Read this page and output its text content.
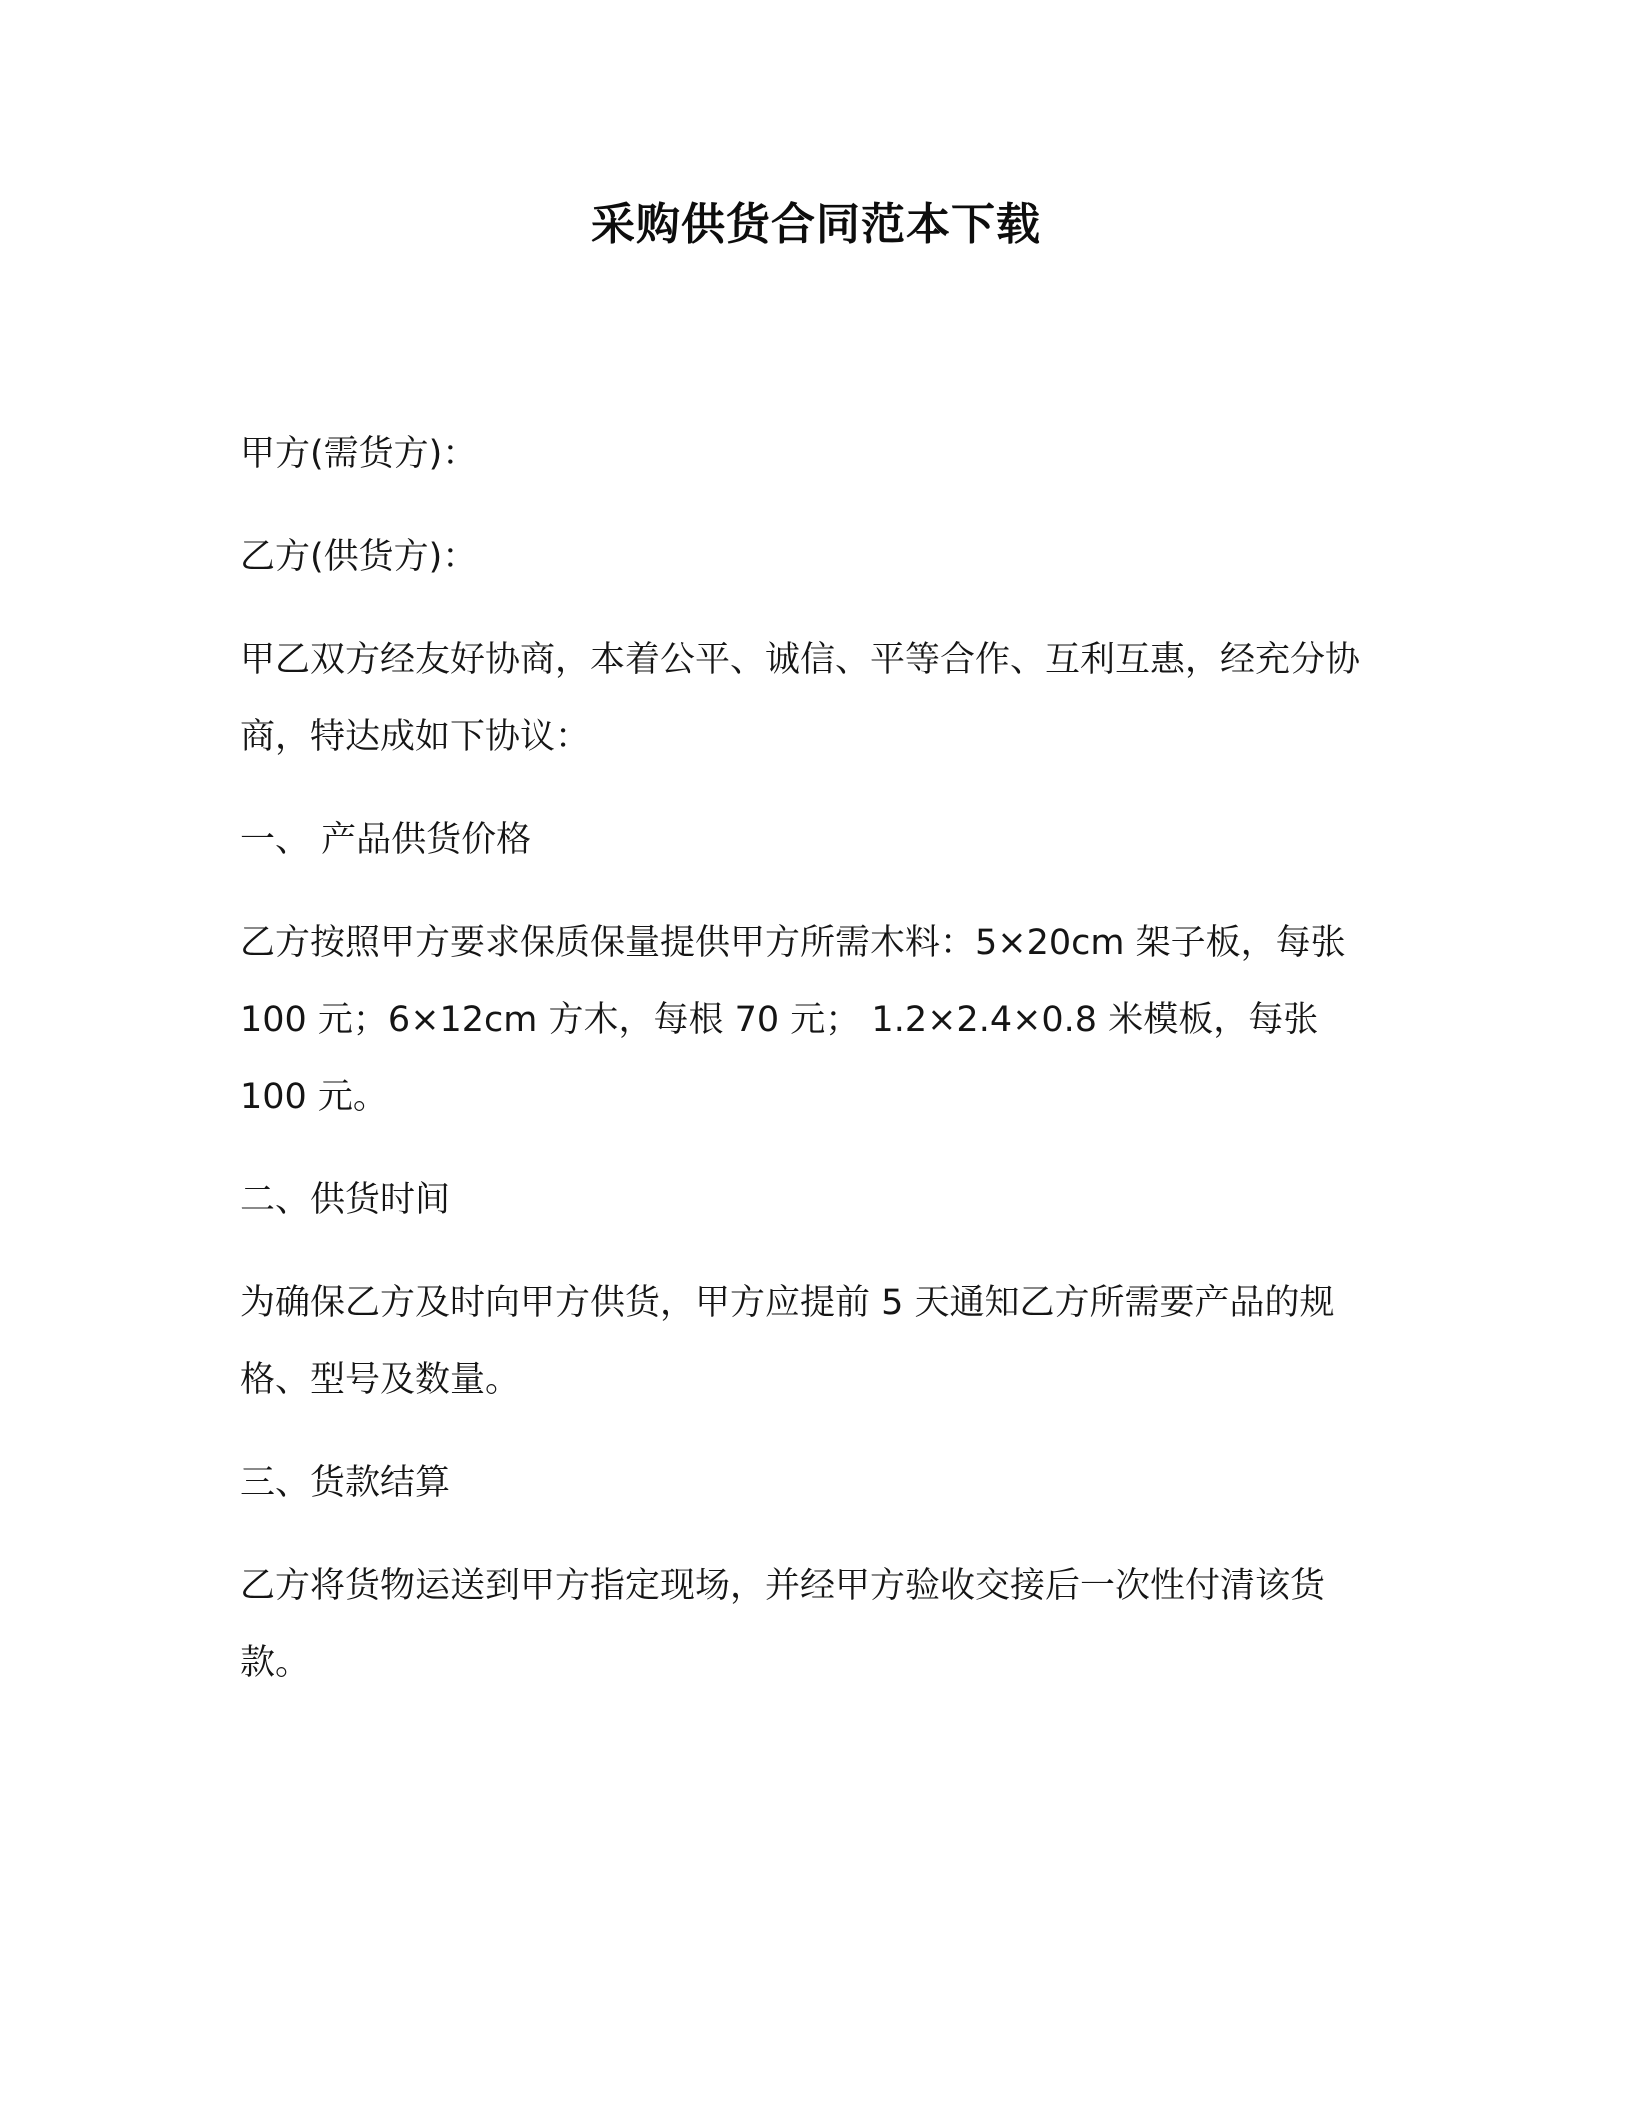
采购供货合同范本下载

甲方(需货方)：

乙方(供货方)：

甲乙双方经友好协商，本着公平、诚信、平等合作、互利互惠，经充分协商，特达成如下协议：

一、 产品供货价格

乙方按照甲方要求保质保量提供甲方所需木料：5×20cm 架子板，每张 100 元；6×12cm 方木，每根 70 元； 1.2×2.4×0.8 米模板，每张 100 元。

二、供货时间

为确保乙方及时向甲方供货，甲方应提前 5 天通知乙方所需要产品的规格、型号及数量。

三、货款结算

乙方将货物运送到甲方指定现场，并经甲方验收交接后一次性付清该货款。
